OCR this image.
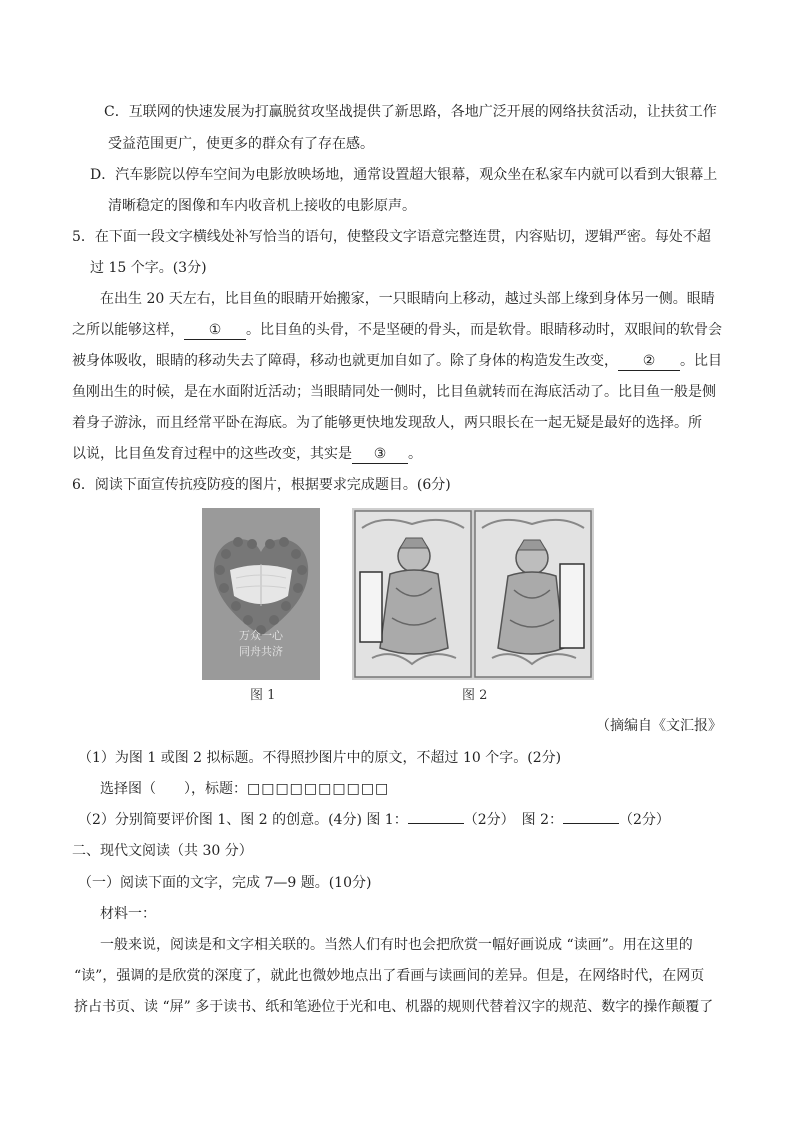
C．互联网的快速发展为打赢脱贫攻坚战提供了新思路，各地广泛开展的网络扶贫活动，让扶贫工作
受益范围更广，使更多的群众有了存在感。
D．汽车影院以停车空间为电影放映场地，通常设置超大银幕，观众坐在私家车内就可以看到大银幕上
清晰稳定的图像和车内收音机上接收的电影原声。
5．在下面一段文字横线处补写恰当的语句，使整段文字语意完整连贯，内容贴切，逻辑严密。每处不超
过 15 个字。(3分)
在出生 20 天左右，比目鱼的眼睛开始搬家，一只眼睛向上移动，越过头部上缘到身体另一侧。眼睛
之所以能够这样， ① 。比目鱼的头骨，不是坚硬的骨头，而是软骨。眼睛移动时，双眼间的软骨会
被身体吸收，眼睛的移动失去了障碍，移动也就更加自如了。除了身体的构造发生改变， ② 。比目
鱼刚出生的时候，是在水面附近活动；当眼睛同处一侧时，比目鱼就转而在海底活动了。比目鱼一般是侧
着身子游泳，而且经常平卧在海底。为了能够更快地发现敌人，两只眼长在一起无疑是最好的选择。所
以说，比目鱼发育过程中的这些改变，其实是 ③ 。
6．阅读下面宣传抗疫防疫的图片，根据要求完成题目。(6分)
万众一心
同舟共济
图 1	图 2
（摘编自《文汇报》
（1）为图 1 或图 2 拟标题。不得照抄图片中的原文，不超过 10 个字。(2分)
选择图（　　），标题：□□□□□□□□□□
（2）分别简要评价图 1、图 2 的创意。(4分) 图 1：	（2分）　图 2：	（2分）
二、现代文阅读（共 30 分）
（一）阅读下面的文字，完成 7—9 题。(10分)
材料一：
一般来说，阅读是和文字相关联的。当然人们有时也会把欣赏一幅好画说成 “读画”。用在这里的
“读”，强调的是欣赏的深度了，就此也微妙地点出了看画与读画间的差异。但是，在网络时代，在网页
挤占书页、读 “屏” 多于读书、纸和笔逊位于光和电、机器的规则代替着汉字的规范、数字的操作颠覆了
